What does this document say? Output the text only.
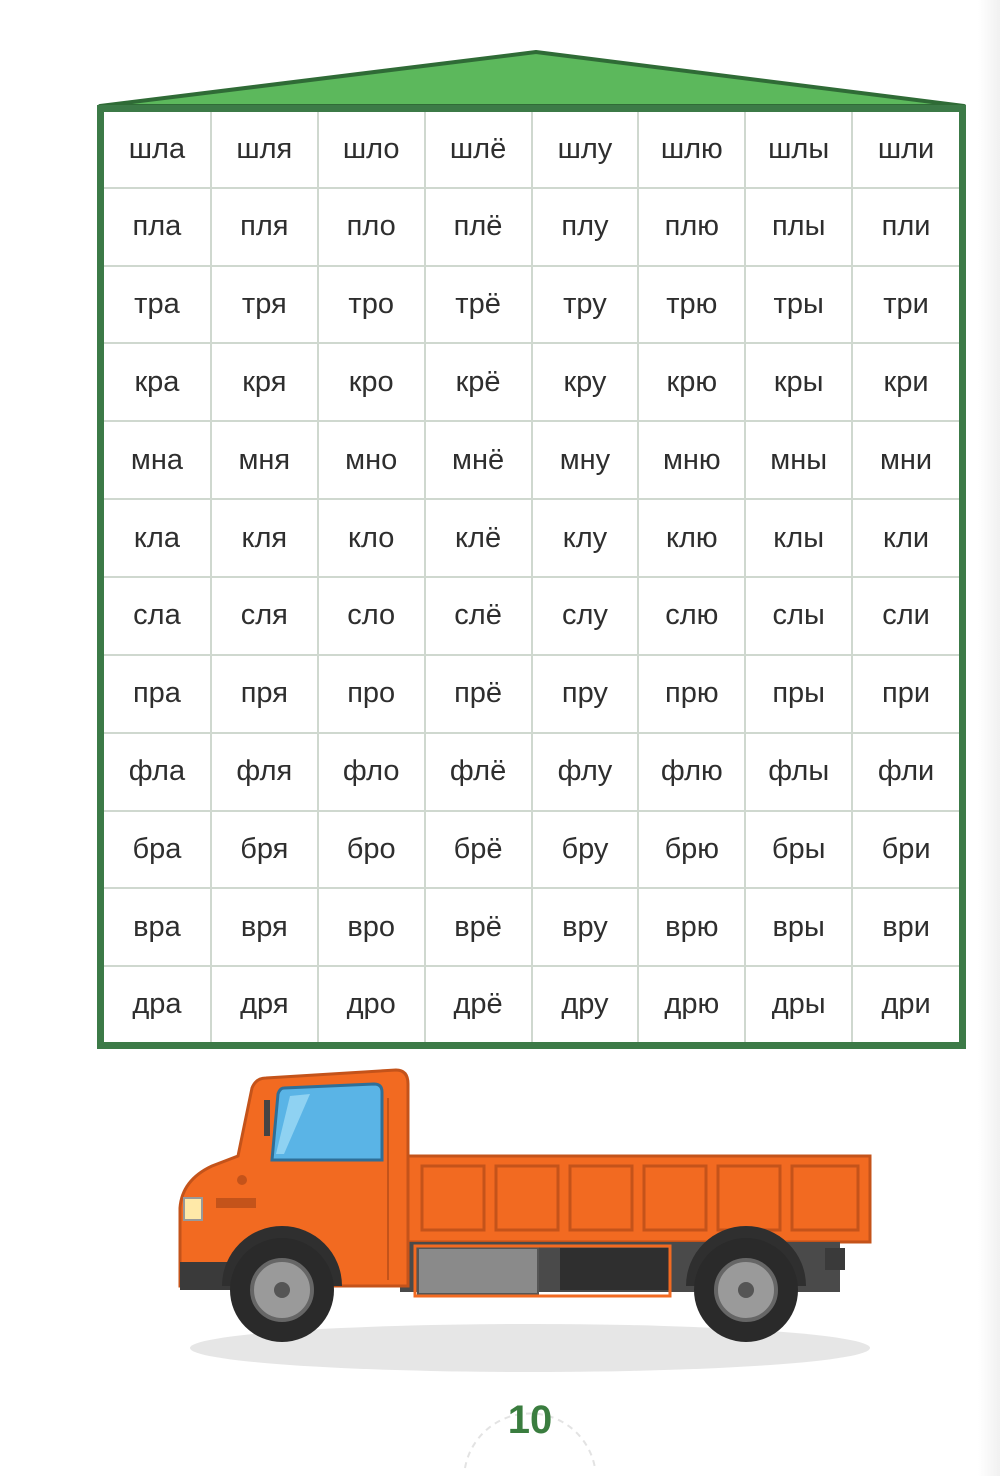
шла	шля	шло	шлё	шлу	шлю	шлы	шли
пла	пля	пло	плё	плу	плю	плы	пли
тра	тря	тро	трё	тру	трю	тры	три
кра	кря	кро	крё	кру	крю	кры	кри
мна	мня	мно	мнё	мну	мню	мны	мни
кла	кля	кло	клё	клу	клю	клы	кли
сла	сля	сло	слё	слу	слю	слы	сли
пра	пря	про	прё	пру	прю	пры	при
фла	фля	фло	флё	флу	флю	флы	фли
бра	бря	бро	брё	бру	брю	бры	бри
вра	вря	вро	врё	вру	врю	вры	ври
дра	дря	дро	дрё	дру	дрю	дры	дри
10
